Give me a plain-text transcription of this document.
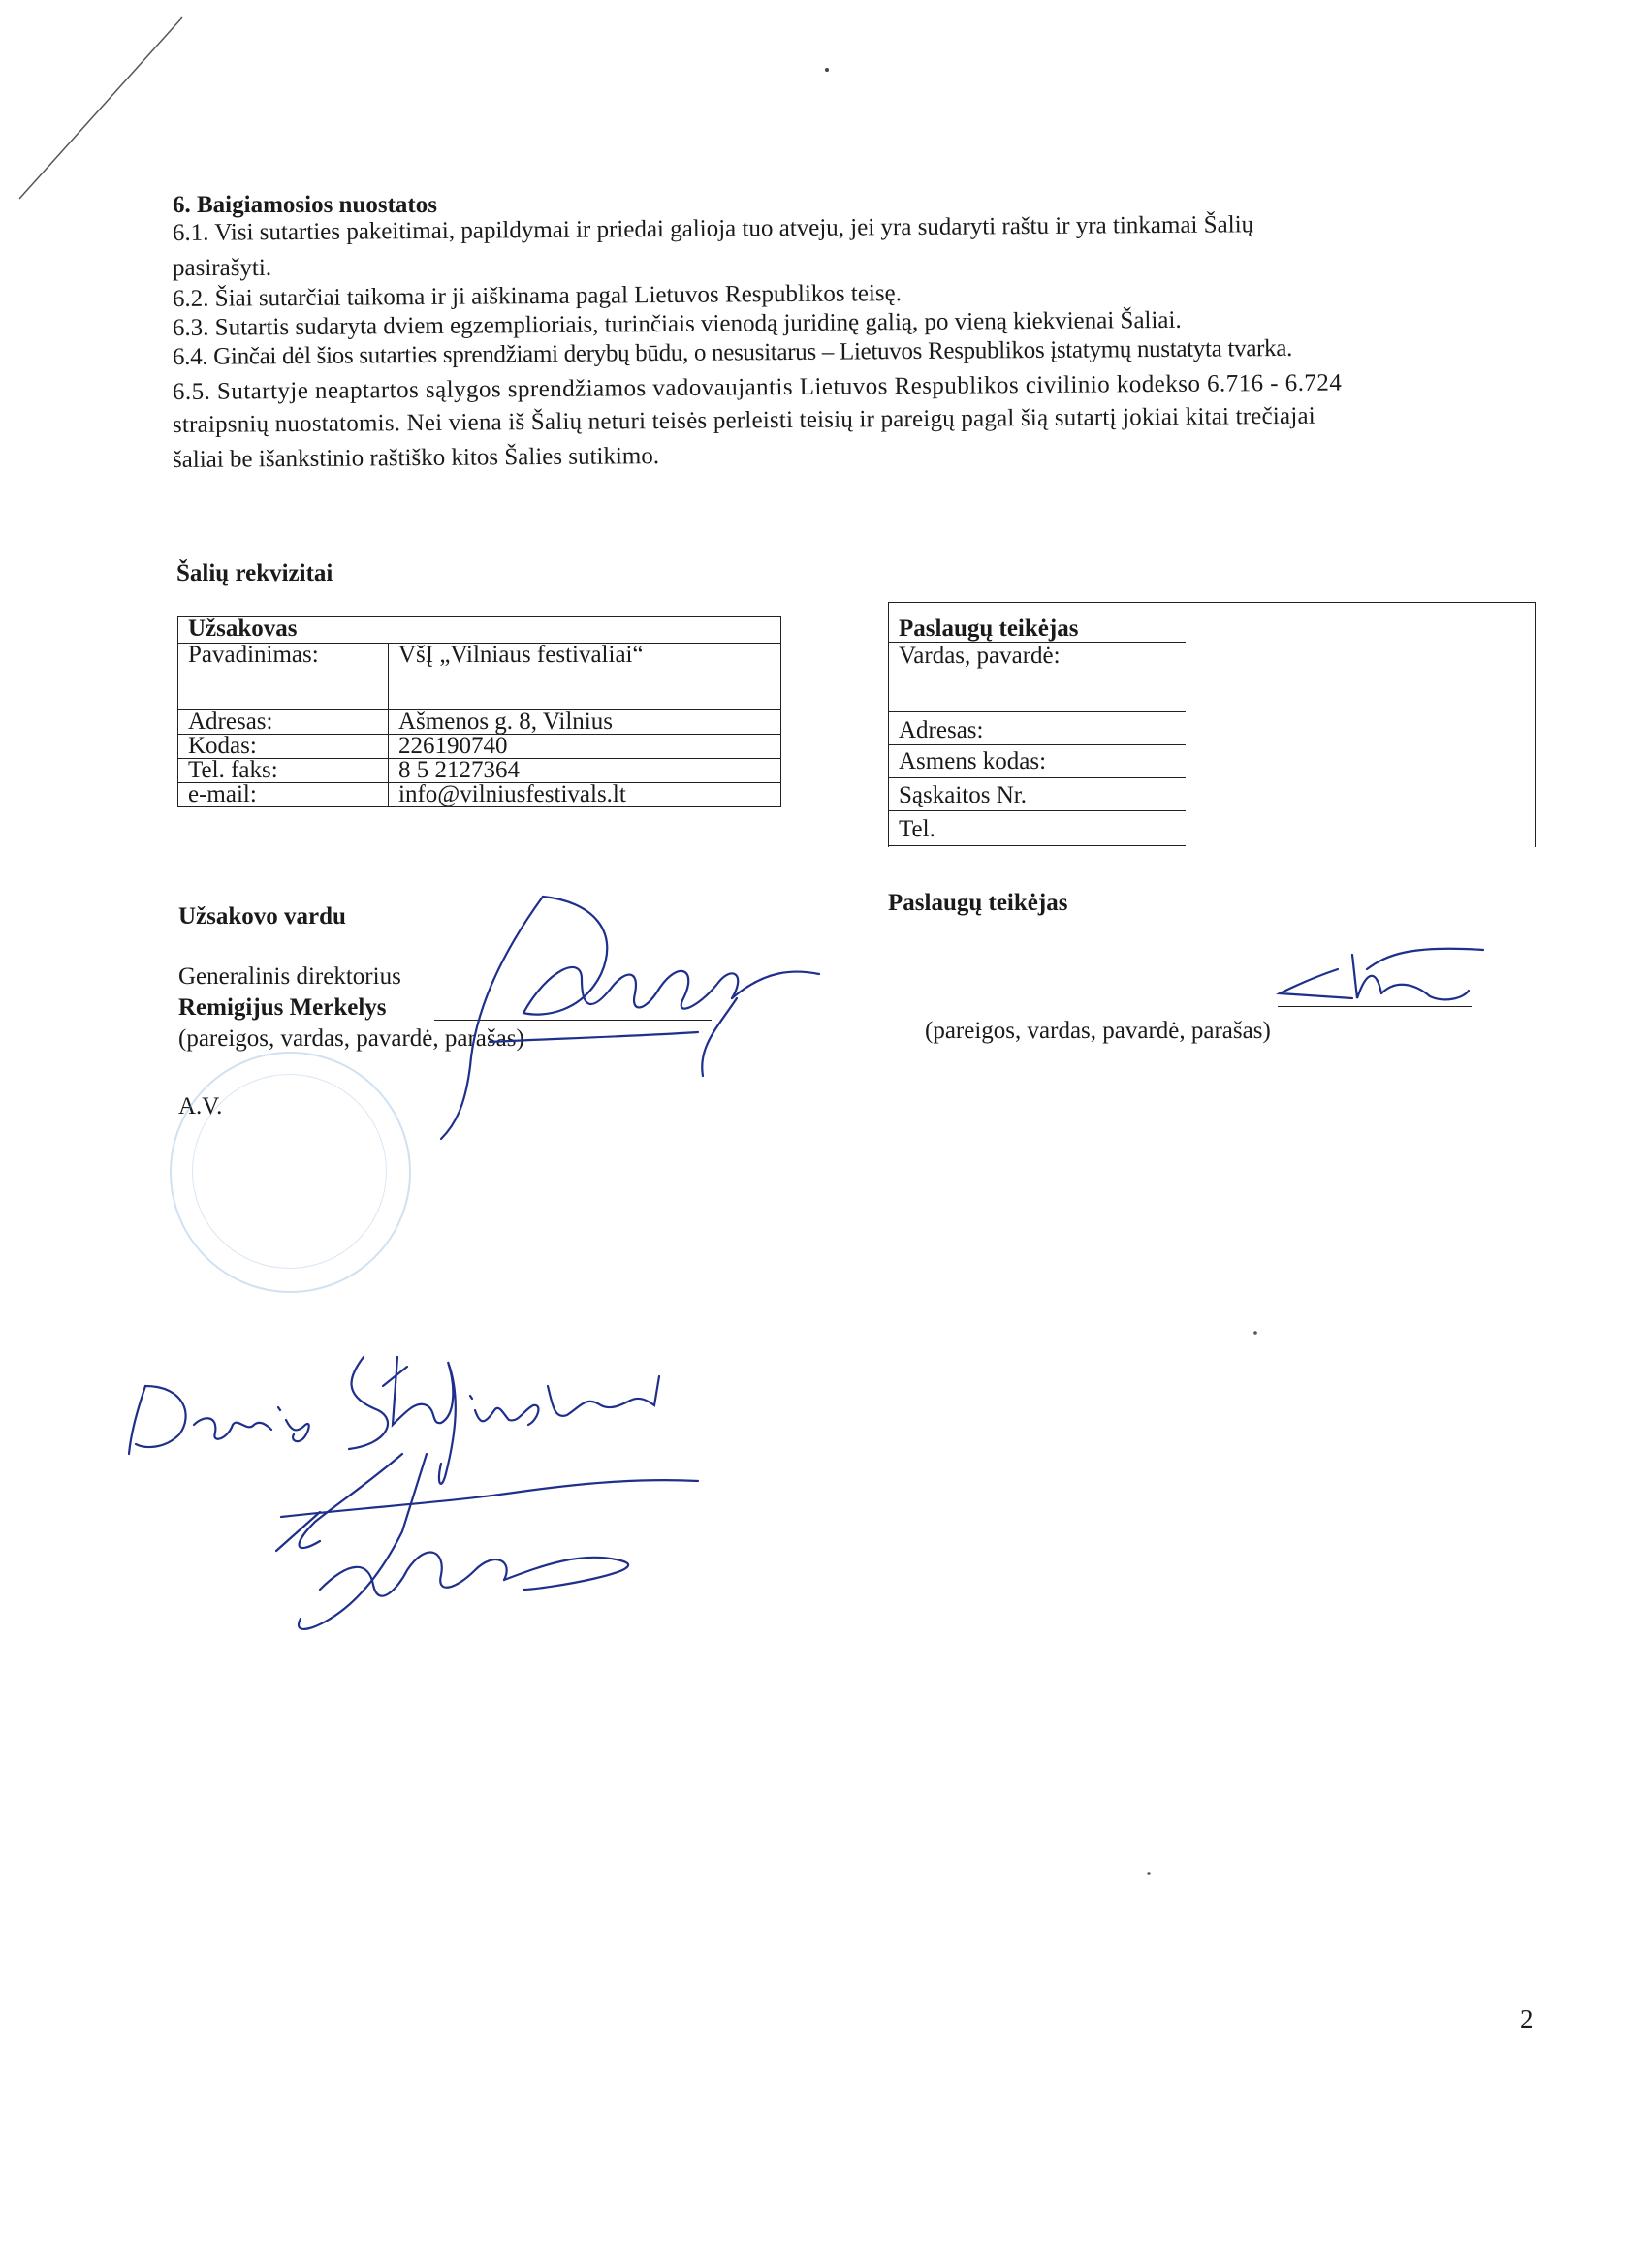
6. Baigiamosios nuostatos
6.1. Visi sutarties pakeitimai, papildymai ir priedai galioja tuo atveju, jei yra sudaryti raštu ir yra tinkamai Šalių
pasirašyti.
6.2. Šiai sutarčiai taikoma ir ji aiškinama pagal Lietuvos Respublikos teisę.
6.3. Sutartis sudaryta dviem egzemplioriais, turinčiais vienodą juridinę galią, po vieną kiekvienai Šaliai.
6.4. Ginčai dėl šios sutarties sprendžiami derybų būdu, o nesusitarus – Lietuvos Respublikos įstatymų nustatyta tvarka.
6.5. Sutartyje neaptartos sąlygos sprendžiamos vadovaujantis Lietuvos Respublikos civilinio kodekso 6.716 - 6.724
straipsnių nuostatomis. Nei viena iš Šalių neturi teisės perleisti teisių ir pareigų pagal šią sutartį jokiai kitai trečiajai
šaliai be išankstinio raštiško kitos Šalies sutikimo.
Šalių rekvizitai
Užsakovas	
Pavadinimas:	VšĮ „Vilniaus festivaliai“
Adresas:	Ašmenos g. 8, Vilnius
Kodas:	226190740
Tel. faks:	8 5 2127364
e-mail:	info@vilniusfestivals.lt
Paslaugų teikėjas
Vardas, pavardė:
Adresas:
Asmens kodas:
Sąskaitos Nr.
Tel.
Užsakovo vardu
Generalinis direktorius
Remigijus Merkelys
(pareigos, vardas, pavardė, parašas)
A.V.
Paslaugų teikėjas
(pareigos, vardas, pavardė, parašas)
2
